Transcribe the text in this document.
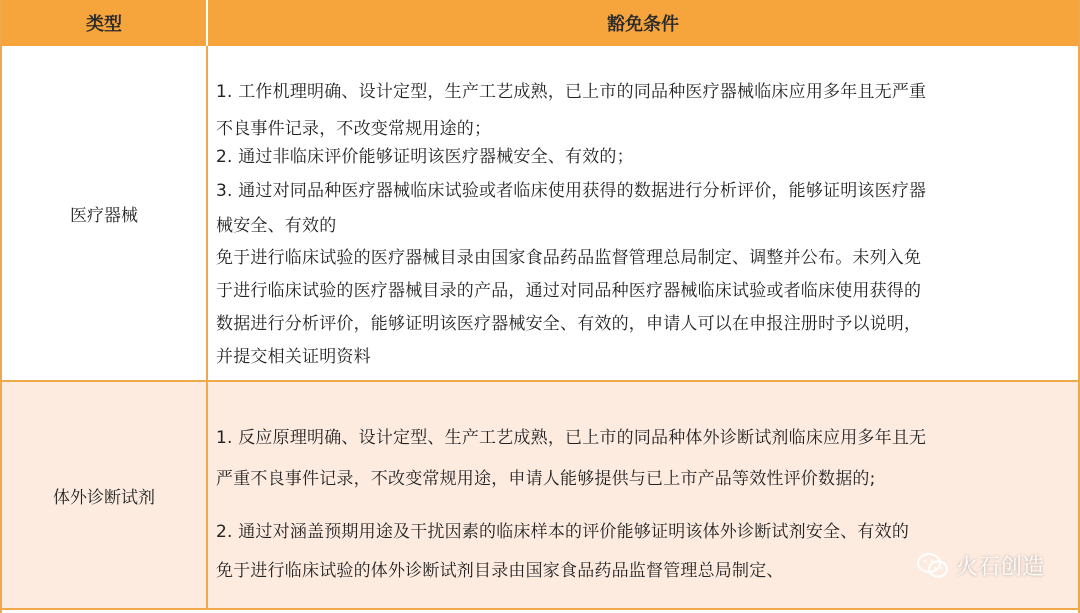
类型	豁免条件
医疗器械
1. 工作机理明确、设计定型，生产工艺成熟，已上市的同品种医疗器械临床应用多年且无严重
不良事件记录，不改变常规用途的；
2. 通过非临床评价能够证明该医疗器械安全、有效的；
3. 通过对同品种医疗器械临床试验或者临床使用获得的数据进行分析评价，能够证明该医疗器
械安全、有效的
免于进行临床试验的医疗器械目录由国家食品药品监督管理总局制定、调整并公布。未列入免
于进行临床试验的医疗器械目录的产品，通过对同品种医疗器械临床试验或者临床使用获得的
数据进行分析评价，能够证明该医疗器械安全、有效的，申请人可以在申报注册时予以说明，
并提交相关证明资料
体外诊断试剂
1. 反应原理明确、设计定型、生产工艺成熟，已上市的同品种体外诊断试剂临床应用多年且无
严重不良事件记录，不改变常规用途，申请人能够提供与已上市产品等效性评价数据的;
2. 通过对涵盖预期用途及干扰因素的临床样本的评价能够证明该体外诊断试剂安全、有效的
免于进行临床试验的体外诊断试剂目录由国家食品药品监督管理总局制定、	火石创造
